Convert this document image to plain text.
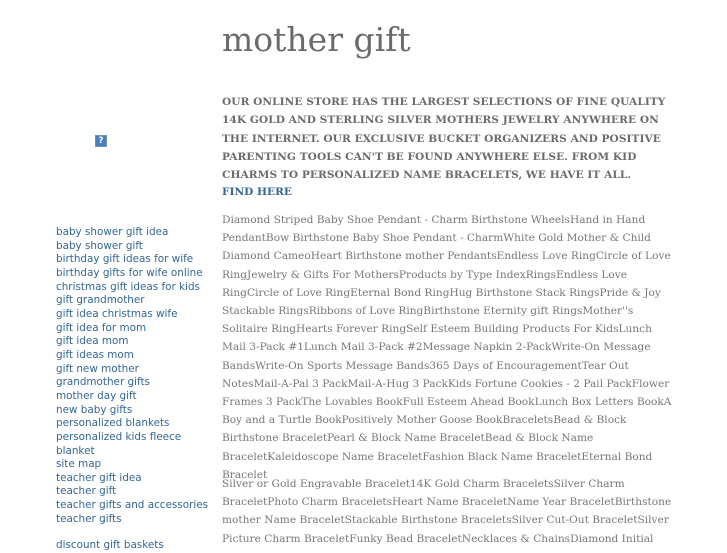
mother gift
?
baby shower gift idea
baby shower gift
birthday gift ideas for wife
birthday gifts for wife online
christmas gift ideas for kids
gift grandmother
gift idea christmas wife
gift idea for mom
gift idea mom
gift ideas mom
gift new mother
grandmother gifts
mother day gift
new baby gifts
personalized blankets
personalized kids fleece blanket
site map
teacher gift idea
teacher gift
teacher gifts and accessories
teacher gifts
discount gift baskets

OUR ONLINE STORE HAS THE LARGEST SELECTIONS OF FINE QUALITY 14K GOLD AND STERLING SILVER MOTHERS JEWELRY ANYWHERE ON THE INTERNET. OUR EXCLUSIVE BUCKET ORGANIZERS AND POSITIVE PARENTING TOOLS CAN'T BE FOUND ANYWHERE ELSE. FROM KID CHARMS TO PERSONALIZED NAME BRACELETS, WE HAVE IT ALL.

FIND HERE

Diamond Striped Baby Shoe Pendant - Charm Birthstone WheelsHand in Hand PendantBow Birthstone Baby Shoe Pendant - CharmWhite Gold Mother & Child Diamond CameoHeart Birthstone mother PendantsEndless Love RingCircle of Love RingJewelry & Gifts For MothersProducts by Type IndexRingsEndless Love RingCircle of Love RingEternal Bond RingHug Birthstone Stack RingsPride & Joy Stackable RingsRibbons of Love RingBirthstone Eternity gift RingsMother''s Solitaire RingHearts Forever RingSelf Esteem Building Products For KidsLunch Mail 3-Pack #1Lunch Mail 3-Pack #2Message Napkin 2-PackWrite-On Message BandsWrite-On Sports Message Bands365 Days of EncouragementTear Out NotesMail-A-Pal 3 PackMail-A-Hug 3 PackKids Fortune Cookies - 2 Pail PackFlower Frames 3 PackThe Lovables BookFull Esteem Ahead BookLunch Box Letters BookA Boy and a Turtle BookPositively Mother Goose BookBraceletsBead & Block Birthstone BraceletPearl & Block Name BraceletBead & Block Name BraceletKaleidoscope Name BraceletFashion Black Name BraceletEternal Bond Bracelet

Silver or Gold Engravable Bracelet14K Gold Charm BraceletsSilver Charm BraceletPhoto Charm BraceletsHeart Name BraceletName Year BraceletBirthstone mother Name BraceletStackable Birthstone BraceletsSilver Cut-Out BraceletSilver Picture Charm BraceletFunky Bead BraceletNecklaces & ChainsDiamond Initial
